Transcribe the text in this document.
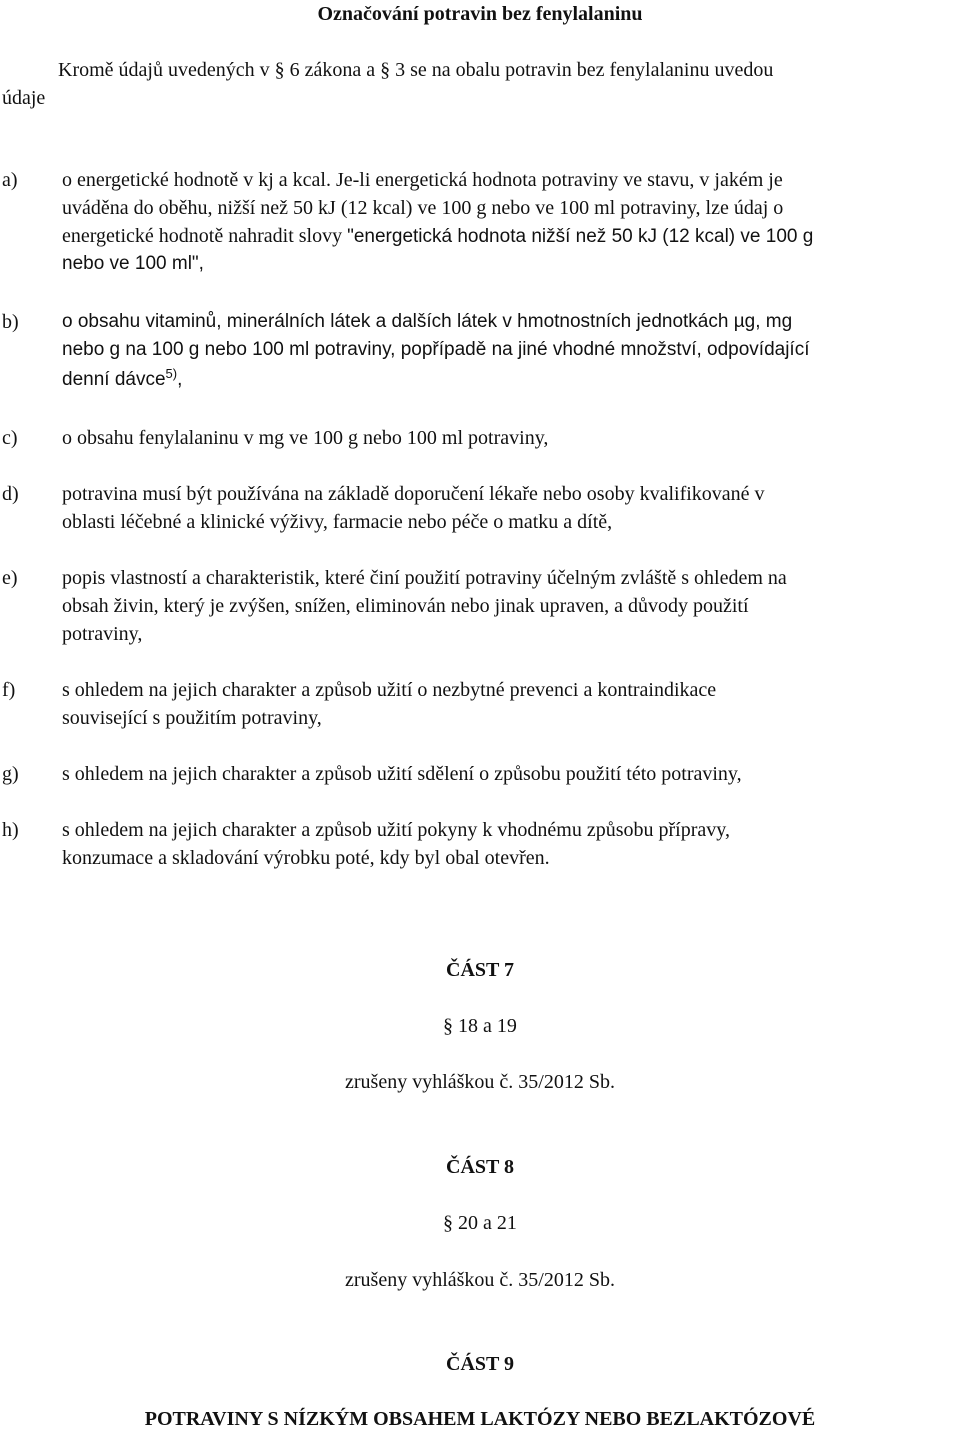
Označování potravin bez fenylalaninu
Kromě údajů uvedených v § 6 zákona a § 3 se na obalu potravin bez fenylalaninu uvedou
údaje
a) o energetické hodnotě v kj a kcal. Je-li energetická hodnota potraviny ve stavu, v jakém je
uváděna do oběhu, nižší než 50 kJ (12 kcal) ve 100 g nebo ve 100 ml potraviny, lze údaj o
energetické hodnotě nahradit slovy "energetická hodnota nižší než 50 kJ (12 kcal) ve 100 g
nebo ve 100 ml",
b) o obsahu vitaminů, minerálních látek a dalších látek v hmotnostních jednotkách µg, mg
nebo g na 100 g nebo 100 ml potraviny, popřípadě na jiné vhodné množství, odpovídající
denní dávce$^{5)}$,
c) o obsahu fenylalaninu v mg ve 100 g nebo 100 ml potraviny,
d) potravina musí být používána na základě doporučení lékaře nebo osoby kvalifikované v
oblasti léčebné a klinické výživy, farmacie nebo péče o matku a dítě,
e) popis vlastností a charakteristik, které činí použití potraviny účelným zvláště s ohledem na
obsah živin, který je zvýšen, snížen, eliminován nebo jinak upraven, a důvody použití
potraviny,
f) s ohledem na jejich charakter a způsob užití o nezbytné prevenci a kontraindikace
související s použitím potraviny,
g) s ohledem na jejich charakter a způsob užití sdělení o způsobu použití této potraviny,
h) s ohledem na jejich charakter a způsob užití pokyny k vhodnému způsobu přípravy,
konzumace a skladování výrobku poté, kdy byl obal otevřen.
ČÁST 7
§ 18 a 19
zrušeny vyhláškou č. 35/2012 Sb.
ČÁST 8
§ 20 a 21
zrušeny vyhláškou č. 35/2012 Sb.
ČÁST 9
POTRAVINY S NÍZKÝM OBSAHEM LAKTÓZY NEBO BEZLAKTÓZOVÉ
